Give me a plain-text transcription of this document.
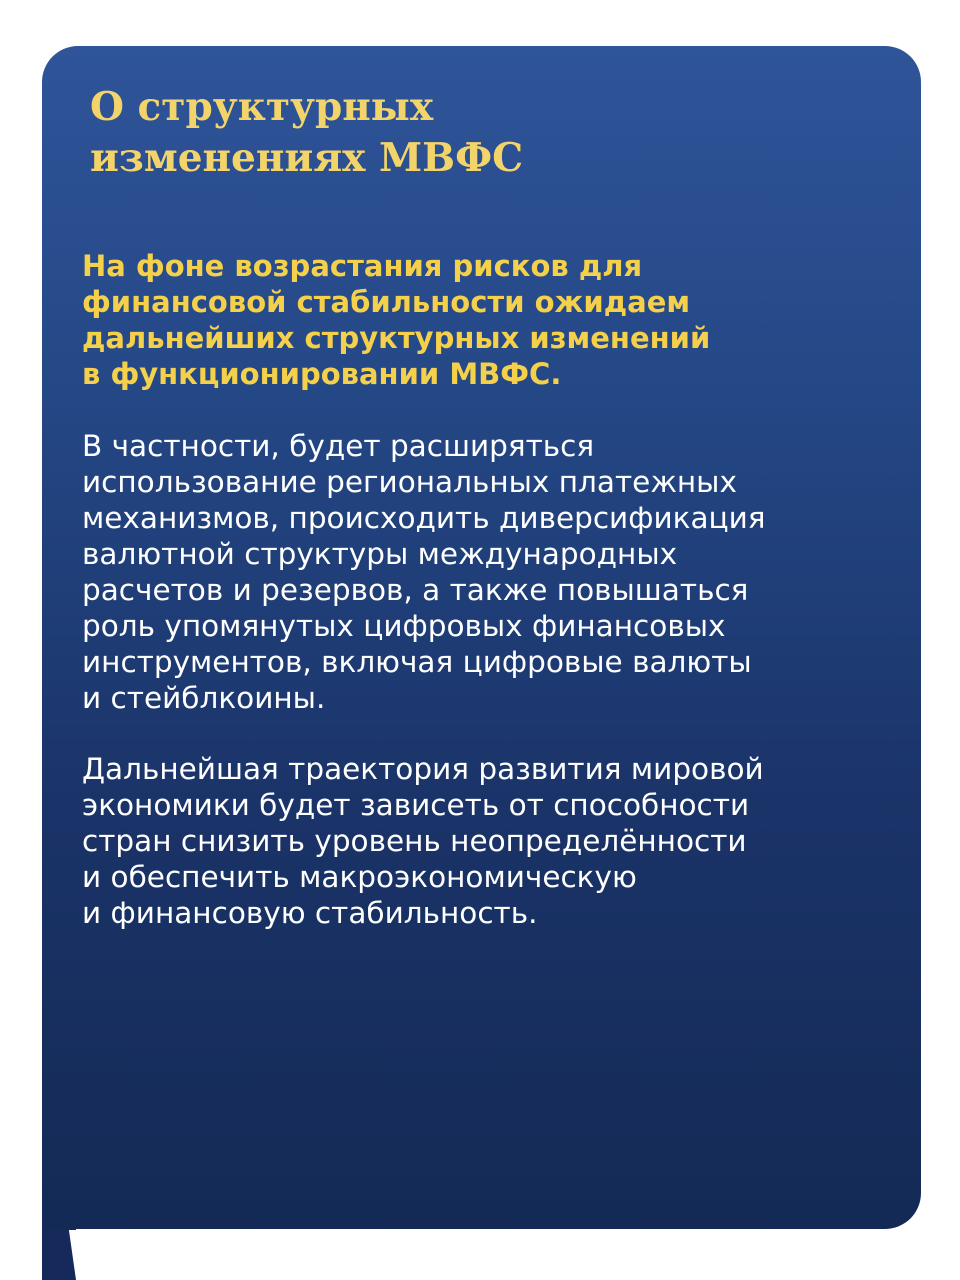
О структурных
изменениях МВФС

На фоне возрастания рисков для
финансовой стабильности ожидаем
дальнейших структурных изменений
в функционировании МВФС.

В частности, будет расширяться
использование региональных платежных
механизмов, происходить диверсификация
валютной структуры международных
расчетов и резервов, а также повышаться
роль упомянутых цифровых финансовых
инструментов, включая цифровые валюты
и стейблкоины.

Дальнейшая траектория развития мировой
экономики будет зависеть от способности
стран снизить уровень неопределённости
и обеспечить макроэкономическую
и финансовую стабильность.
